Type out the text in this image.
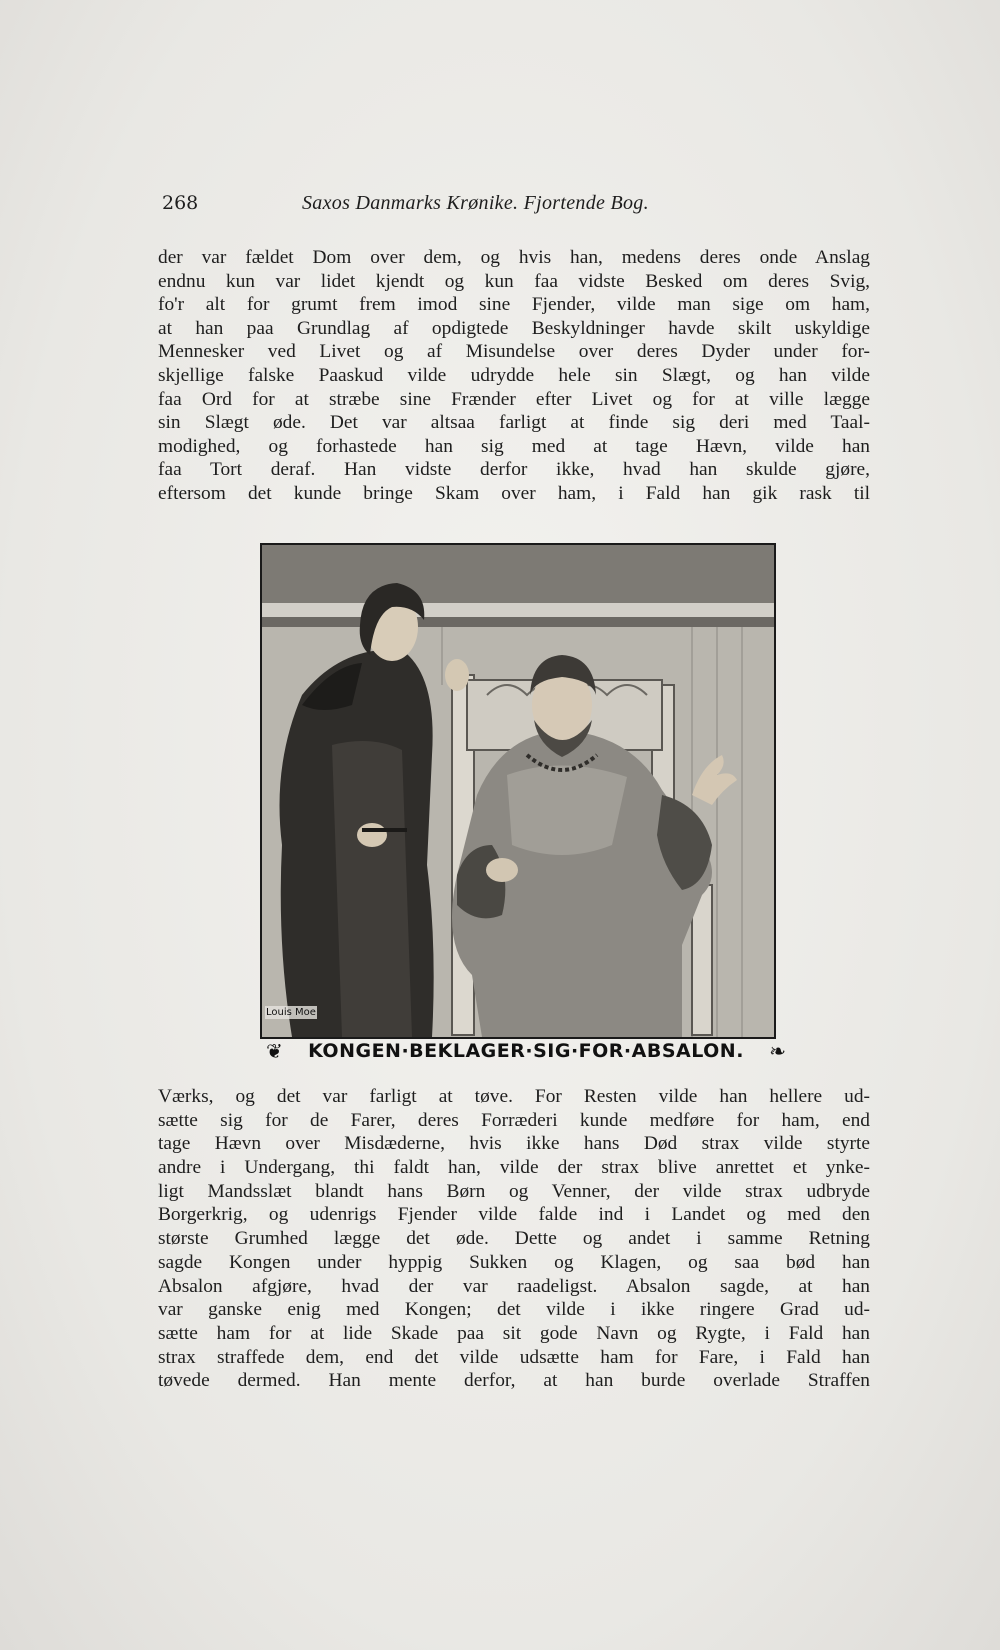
268	Saxos Danmarks Krønike. Fjortende Bog.
der var fældet Dom over dem, og hvis han, medens deres onde Anslag
endnu kun var lidet kjendt og kun faa vidste Besked om deres Svig,
fo'r alt for grumt frem imod sine Fjender, vilde man sige om ham,
at han paa Grundlag af opdigtede Beskyldninger havde skilt uskyldige
Mennesker ved Livet og af Misundelse over deres Dyder under for-
skjellige falske Paaskud vilde udrydde hele sin Slægt, og han vilde
faa Ord for at stræbe sine Frænder efter Livet og for at ville lægge
sin Slægt øde. Det var altsaa farligt at finde sig deri med Taal-
modighed, og forhastede han sig med at tage Hævn, vilde han
faa Tort deraf. Han vidste derfor ikke, hvad han skulde gjøre,
eftersom det kunde bringe Skam over ham, i Fald han gik rask til
Louis Moe
❦	KONGEN·BEKLAGER·SIG·FOR·ABSALON.	❧
Værks, og det var farligt at tøve. For Resten vilde han hellere ud-
sætte sig for de Farer, deres Forræderi kunde medføre for ham, end
tage Hævn over Misdæderne, hvis ikke hans Død strax vilde styrte
andre i Undergang, thi faldt han, vilde der strax blive anrettet et ynke-
ligt Mandsslæt blandt hans Børn og Venner, der vilde strax udbryde
Borgerkrig, og udenrigs Fjender vilde falde ind i Landet og med den
største Grumhed lægge det øde. Dette og andet i samme Retning
sagde Kongen under hyppig Sukken og Klagen, og saa bød han
Absalon afgjøre, hvad der var raadeligst. Absalon sagde, at han
var ganske enig med Kongen; det vilde i ikke ringere Grad ud-
sætte ham for at lide Skade paa sit gode Navn og Rygte, i Fald han
strax straffede dem, end det vilde udsætte ham for Fare, i Fald han
tøvede dermed. Han mente derfor, at han burde overlade Straffen
